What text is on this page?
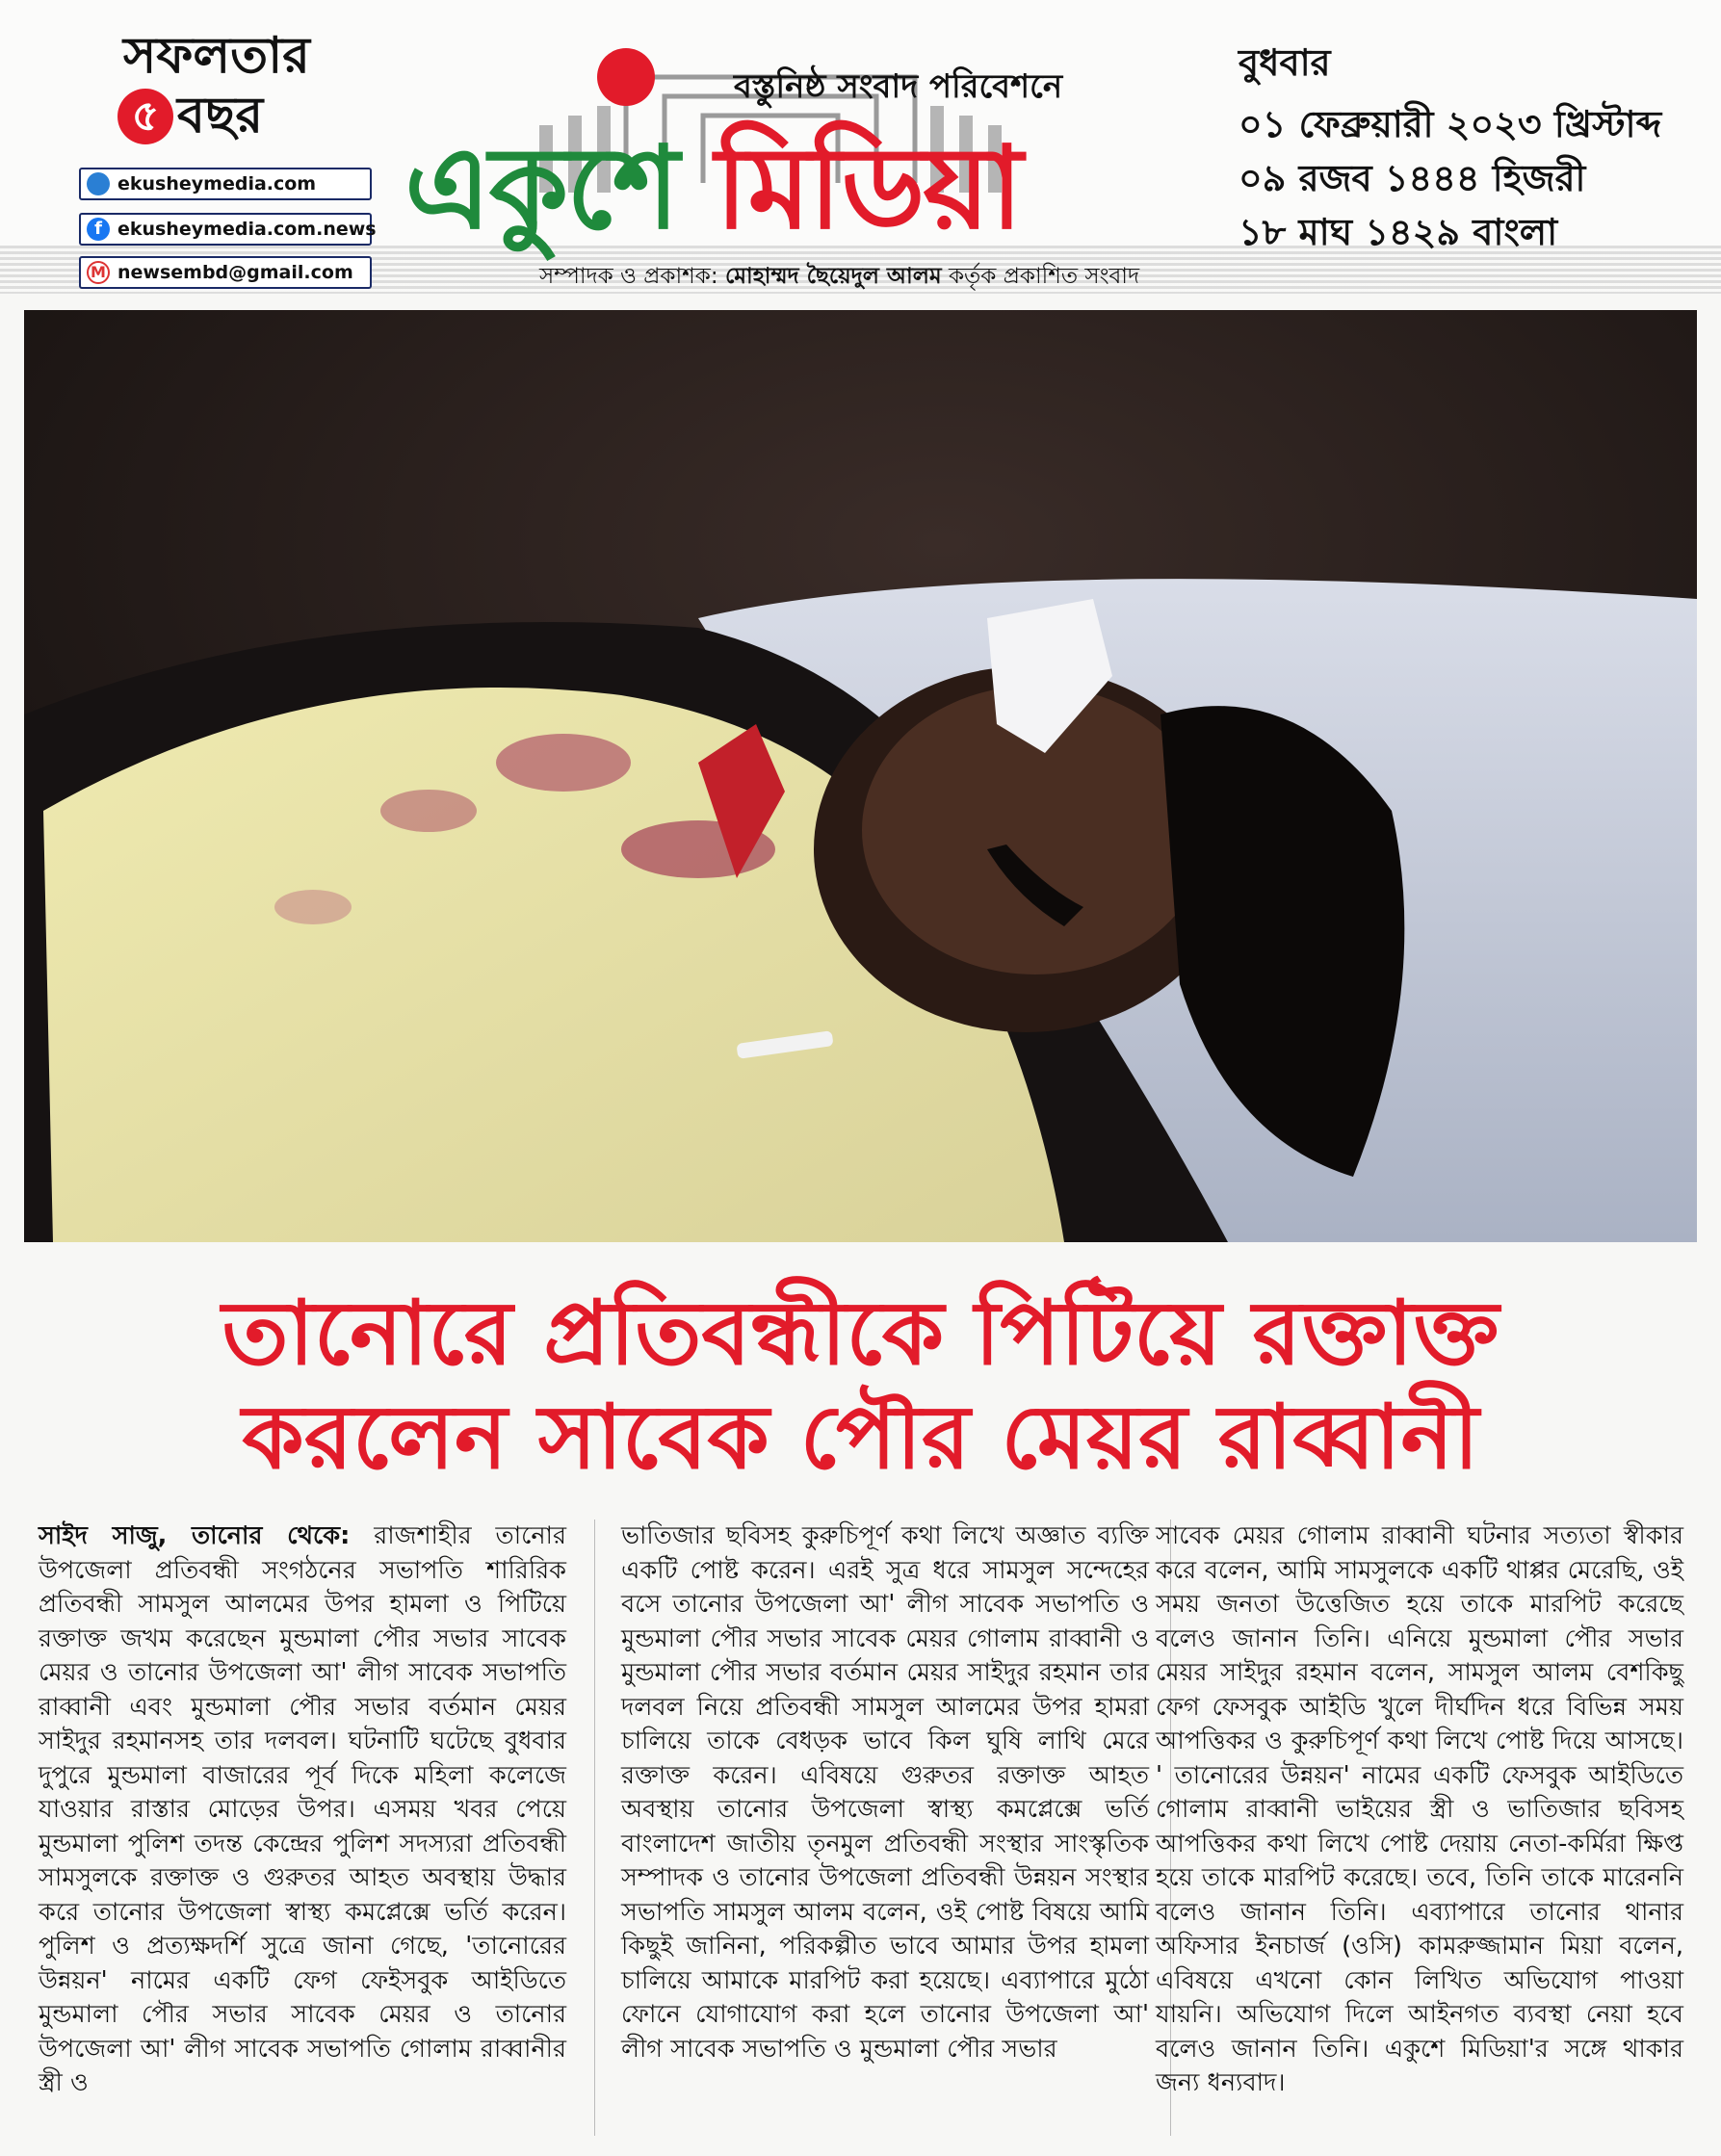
সফলতার
৫ বছর
ekusheymedia.com
f ekusheymedia.com.news
M newsembd@gmail.com
বস্তুনিষ্ঠ সংবাদ পরিবেশনে
একুশে মিডিয়া
সম্পাদক ও প্রকাশক: মোহাম্মদ ছৈয়েদুল আলম কর্তৃক প্রকাশিত সংবাদ
বুধবার
০১ ফেব্রুয়ারী ২০২৩ খ্রিস্টাব্দ
০৯ রজব ১৪৪৪ হিজরী
১৮ মাঘ ১৪২৯ বাংলা
তানোরে প্রতিবন্ধীকে পিটিয়ে রক্তাক্ত
করলেন সাবেক পৌর মেয়র রাব্বানী
সাইদ সাজু, তানোর থেকে: রাজশাহীর তানোর উপজেলা প্রতিবন্ধী সংগঠনের সভাপতি শারিরিক প্রতিবন্ধী সামসুল আলমের উপর হামলা ও পিটিয়ে রক্তাক্ত জখম করেছেন মুন্ডমালা পৌর সভার সাবেক মেয়র ও তানোর উপজেলা আ' লীগ সাবেক সভাপতি রাব্বানী এবং মুন্ডমালা পৌর সভার বর্তমান মেয়র সাইদুর রহমানসহ তার দলবল। ঘটনাটি ঘটেছে বুধবার দুপুরে মুন্ডমালা বাজারের পূর্ব দিকে মহিলা কলেজে যাওয়ার রাস্তার মোড়ের উপর। এসময় খবর পেয়ে মুন্ডমালা পুলিশ তদন্ত কেন্দ্রের পুলিশ সদস্যরা প্রতিবন্ধী সামসুলকে রক্তাক্ত ও গুরুতর আহত অবস্থায় উদ্ধার করে তানোর উপজেলা স্বাস্থ্য কমপ্লেক্সে ভর্তি করেন। পুলিশ ও প্রত্যক্ষদর্শি সুত্রে জানা গেছে, 'তানোরের উন্নয়ন' নামের একটি ফেগ ফেইসবুক আইডিতে মুন্ডমালা পৌর সভার সাবেক মেয়র ও তানোর উপজেলা আ' লীগ সাবেক সভাপতি গোলাম রাব্বানীর স্ত্রী ও
ভাতিজার ছবিসহ কুরুচিপূর্ণ কথা লিখে অজ্ঞাত ব্যক্তি একটি পোষ্ট করেন। এরই সুত্র ধরে সামসুল সন্দেহের বসে তানোর উপজেলা আ' লীগ সাবেক সভাপতি ও মুন্ডমালা পৌর সভার সাবেক মেয়র গোলাম রাব্বানী ও মুন্ডমালা পৌর সভার বর্তমান মেয়র সাইদুর রহমান তার দলবল নিয়ে প্রতিবন্ধী সামসুল আলমের উপর হামরা চালিয়ে তাকে বেধড়ক ভাবে কিল ঘুষি লাথি মেরে রক্তাক্ত করেন। এবিষয়ে গুরুতর রক্তাক্ত আহত অবস্থায় তানোর উপজেলা স্বাস্থ্য কমপ্লেক্সে ভর্তি বাংলাদেশ জাতীয় তৃনমুল প্রতিবন্ধী সংস্থার সাংস্কৃতিক সম্পাদক ও তানোর উপজেলা প্রতিবন্ধী উন্নয়ন সংস্থার সভাপতি সামসুল আলম বলেন, ওই পোষ্ট বিষয়ে আমি কিছুই জানিনা, পরিকল্পীত ভাবে আমার উপর হামলা চালিয়ে আমাকে মারপিট করা হয়েছে। এব্যাপারে মুঠো ফোনে যোগাযোগ করা হলে তানোর উপজেলা আ' লীগ সাবেক সভাপতি ও মুন্ডমালা পৌর সভার
সাবেক মেয়র গোলাম রাব্বানী ঘটনার সত্যতা স্বীকার করে বলেন, আমি সামসুলকে একটি থাপ্পর মেরেছি, ওই সময় জনতা উত্তেজিত হয়ে তাকে মারপিট করেছে বলেও জানান তিনি। এনিয়ে মুন্ডমালা পৌর সভার মেয়র সাইদুর রহমান বলেন, সামসুল আলম বেশকিছু ফেগ ফেসবুক আইডি খুলে দীর্ঘদিন ধরে বিভিন্ন সময় আপত্তিকর ও কুরুচিপূর্ণ কথা লিখে পোষ্ট দিয়ে আসছে। ' তানোরের উন্নয়ন' নামের একটি ফেসবুক আইডিতে গোলাম রাব্বানী ভাইয়ের স্ত্রী ও ভাতিজার ছবিসহ আপত্তিকর কথা লিখে পোষ্ট দেয়ায় নেতা-কর্মিরা ক্ষিপ্ত হয়ে তাকে মারপিট করেছে। তবে, তিনি তাকে মারেননি বলেও জানান তিনি। এব্যাপারে তানোর থানার অফিসার ইনচার্জ (ওসি) কামরুজ্জামান মিয়া বলেন, এবিষয়ে এখনো কোন লিখিত অভিযোগ পাওয়া যায়নি। অভিযোগ দিলে আইনগত ব্যবস্থা নেয়া হবে বলেও জানান তিনি। একুশে মিডিয়া'র সঙ্গে থাকার জন্য ধন্যবাদ।
